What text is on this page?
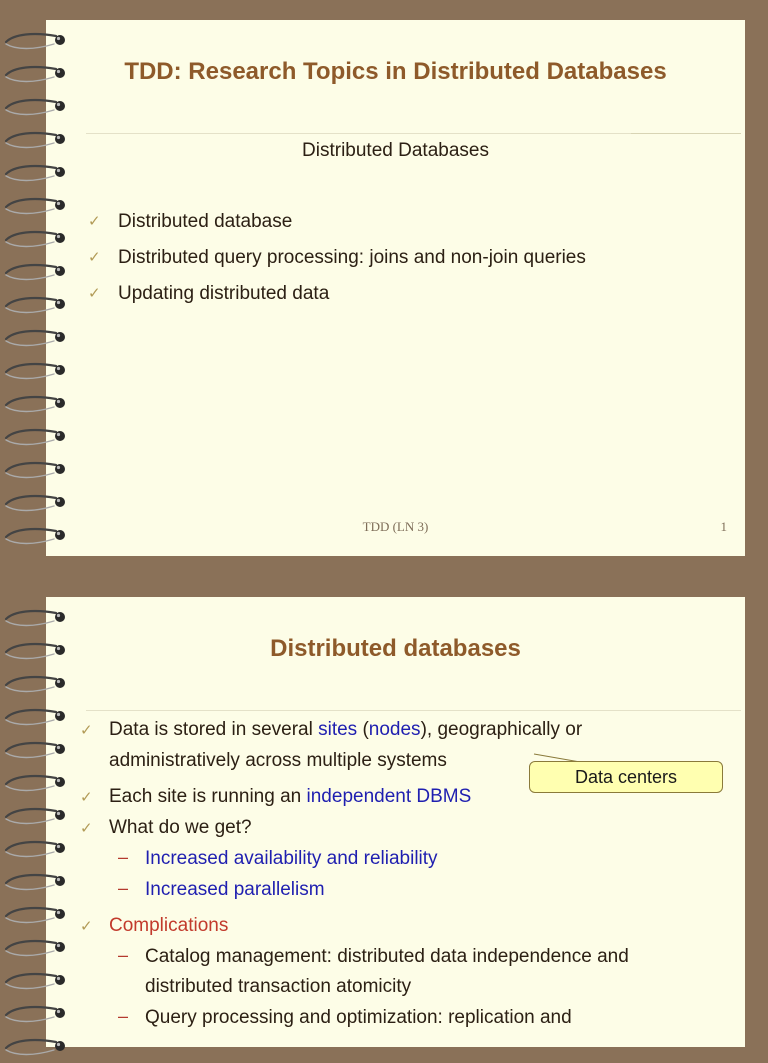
TDD: Research Topics in Distributed Databases
Distributed Databases
✓ Distributed database
✓ Distributed query processing: joins and non-join queries
✓ Updating distributed data
TDD (LN 3)	1
Distributed databases
✓ Data is stored in several sites (nodes), geographically or
administratively across multiple systems
Data centers
✓ Each site is running an independent DBMS
✓ What do we get?
– Increased availability and reliability
– Increased parallelism
✓ Complications
– Catalog management: distributed data independence and
distributed transaction atomicity
– Query processing and optimization: replication and
